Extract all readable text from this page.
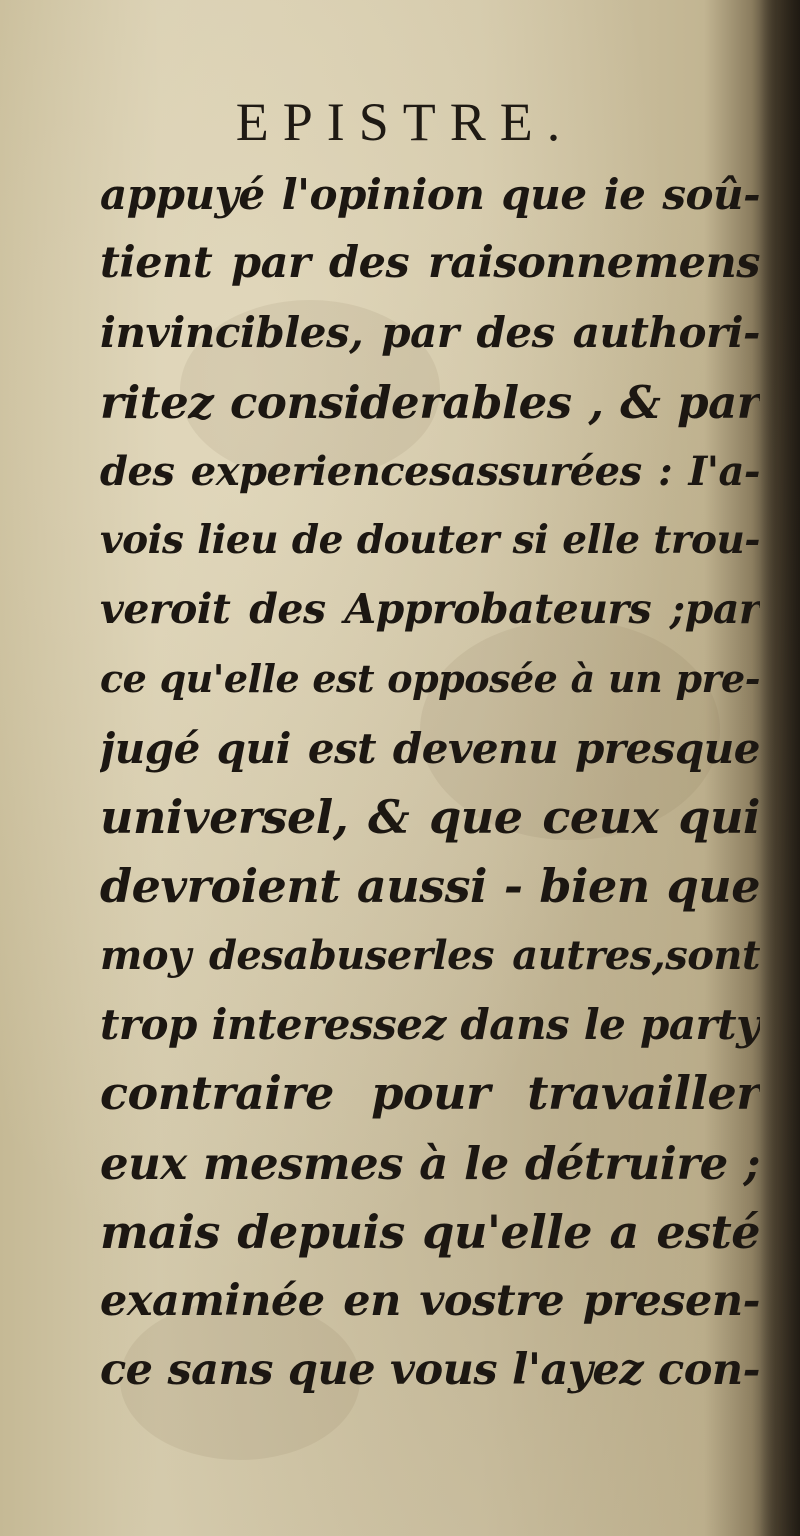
EPISTRE.
appuyé l'opinion que ie soû-
tient par des raisonnemens
invincibles, par des authori-
ritez considerables , & par
des experiencesassurées : I'a-
vois lieu de douter si elle trou-
veroit des Approbateurs ;par
ce qu'elle est opposée à un pre-
jugé qui est devenu presque
universel, & que ceux qui
devroient aussi - bien que
moy desabuserles autres,sont
trop interessez dans le party
contraire pour travailler
eux mesmes à le détruire ;
mais depuis qu'elle a esté
examinée en vostre presen-
ce sans que vous l'ayez con-
